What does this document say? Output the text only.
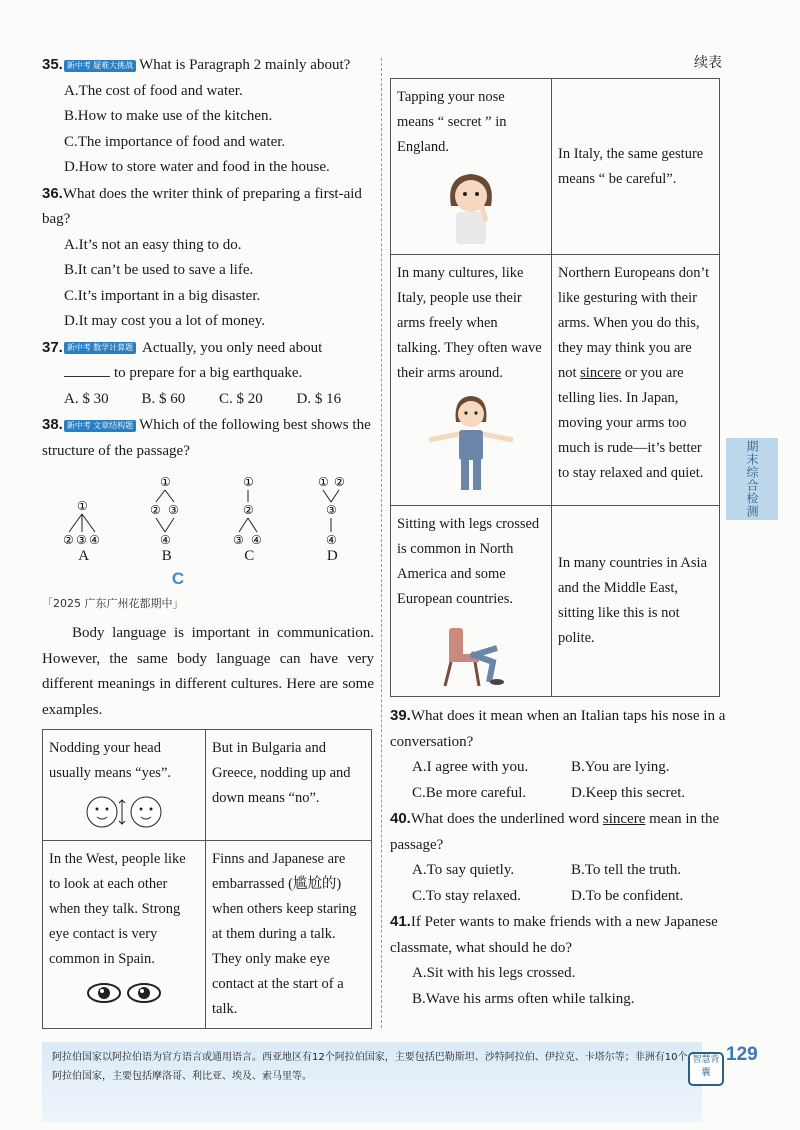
35. 新中考 疑难大挑战 What is Paragraph 2 mainly about?
A.The cost of food and water.
B.How to make use of the kitchen.
C.The importance of food and water.
D.How to store water and food in the house.
36.What does the writer think of preparing a first-aid bag?
A.It’s not an easy thing to do.
B.It can’t be used to save a life.
C.It’s important in a big disaster.
D.It may cost you a lot of money.
37. 新中考 数学计算题 Actually, you only need about
to prepare for a big earthquake.
A. $ 30	B. $ 60	C. $ 20	D. $ 16
38. 新中考 文章结构题 Which of the following best shows the structure of the passage?
①
② ③ ④
①
② ③
④
①
②
③ ④
① ②
③
④
A	B	C	D
C
「2025 广东广州花都期中」
Body language is important in communication. However, the same body language can have very different meanings in different cultures. Here are some examples.
Nodding your head usually means “yes”.	But in Bulgaria and Greece, nodding up and down means “no”.

In the West, people like to look at each other when they talk. Strong eye contact is very common in Spain.	Finns and Japanese are embarrassed (尴尬的) when others keep staring at them during a talk. They only make eye contact at the start of a talk.
续表
Tapping your nose means “ secret ” in England.	In Italy, the same gesture means “ be careful”.

In many cultures, like Italy, people use their arms freely when talking. They often wave their arms around.	Northern Europeans don’t like gesturing with their arms. When you do this, they may think you are not sincere or you are telling lies. In Japan, moving your arms too much is rude—it’s better to stay relaxed and quiet.

Sitting with legs crossed is common in North America and some European countries.	In many countries in Asia and the Middle East, sitting like this is not polite.
39.What does it mean when an Italian taps his nose in a conversation?
A.I agree with you.	B.You are lying.
C.Be more careful.	D.Keep this secret.
40.What does the underlined word sincere mean in the passage?
A.To say quietly.	B.To tell the truth.
C.To stay relaxed.	D.To be confident.
41.If Peter wants to make friends with a new Japanese classmate, what should he do?
A.Sit with his legs crossed.
B.Wave his arms often while talking.
期末综合检测
阿拉伯国家以阿拉伯语为官方语言或通用语言。西亚地区有12个阿拉伯国家，主要包括巴勒斯坦、沙特阿拉伯、伊拉克、卡塔尔等；非洲有10个阿拉伯国家，主要包括摩洛哥、利比亚、埃及、索马里等。
智慧背囊
129
